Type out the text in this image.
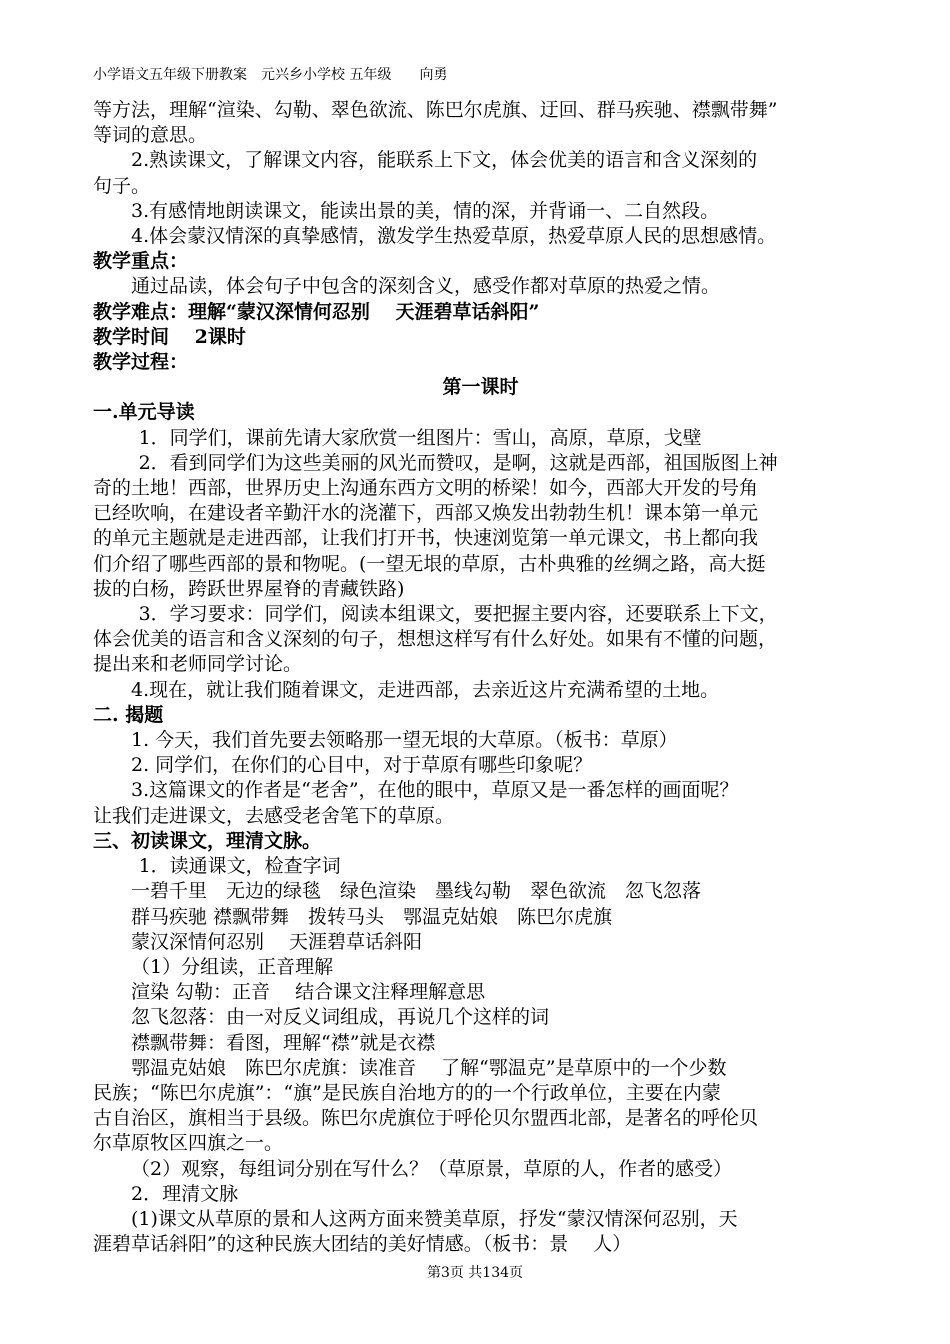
小学语文五年级下册教案 元兴乡小学校 五年级 向勇

等方法，理解“渲染、勾勒、翠色欲流、陈巴尔虎旗、迂回、群马疾驰、襟飘带舞”

等词的意思。

2.熟读课文，了解课文内容，能联系上下文，体会优美的语言和含义深刻的

句子。

3.有感情地朗读课文，能读出景的美，情的深，并背诵一、二自然段。

4.体会蒙汉情深的真挚感情，激发学生热爱草原，热爱草原人民的思想感情。

教学重点：

通过品读，体会句子中包含的深刻含义，感受作都对草原的热爱之情。

教学难点：理解“蒙汉深情何忍别　 天涯碧草话斜阳”

教学时间　 2课时

教学过程：

第一课时

一.单元导读

1．同学们，课前先请大家欣赏一组图片：雪山，高原，草原，戈壁

2．看到同学们为这些美丽的风光而赞叹，是啊，这就是西部，祖国版图上神

奇的土地！西部，世界历史上沟通东西方文明的桥梁！如今，西部大开发的号角

已经吹响，在建设者辛勤汗水的浇灌下，西部又焕发出勃勃生机！课本第一单元

的单元主题就是走进西部，让我们打开书，快速浏览第一单元课文，书上都向我

们介绍了哪些西部的景和物呢。(一望无垠的草原，古朴典雅的丝绸之路，高大挺

拔的白杨，跨跃世界屋脊的青藏铁路)

3．学习要求：同学们，阅读本组课文，要把握主要内容，还要联系上下文，

体会优美的语言和含义深刻的句子，想想这样写有什么好处。如果有不懂的问题，

提出来和老师同学讨论。

4.现在，就让我们随着课文，走进西部，去亲近这片充满希望的土地。

二. 揭题

1. 今天，我们首先要去领略那一望无垠的大草原。（板书：草原）

2. 同学们，在你们的心目中，对于草原有哪些印象呢？

3.这篇课文的作者是“老舍”，在他的眼中，草原又是一番怎样的画面呢？

让我们走进课文，去感受老舍笔下的草原。

三、初读课文，理清文脉。

1．读通课文，检查字词

一碧千里　无边的绿毯　绿色渲染　墨线勾勒　翠色欲流　忽飞忽落

群马疾驰 襟飘带舞　拨转马头　鄂温克姑娘　陈巴尔虎旗

蒙汉深情何忍别　 天涯碧草话斜阳

（1）分组读，正音理解

渲染 勾勒：正音　 结合课文注释理解意思

忽飞忽落：由一对反义词组成，再说几个这样的词

襟飘带舞：看图，理解“襟”就是衣襟

鄂温克姑娘　陈巴尔虎旗：读准音　 了解“鄂温克”是草原中的一个少数

民族；“陈巴尔虎旗”：“旗”是民族自治地方的的一个行政单位，主要在内蒙

古自治区，旗相当于县级。陈巴尔虎旗位于呼伦贝尔盟西北部，是著名的呼伦贝

尔草原牧区四旗之一。

（2）观察，每组词分别在写什么？（草原景，草原的人，作者的感受）

2．理清文脉

(1)课文从草原的景和人这两方面来赞美草原，抒发“蒙汉情深何忍别，天

涯碧草话斜阳”的这种民族大团结的美好情感。（板书：景　 人）

第3页 共134页
